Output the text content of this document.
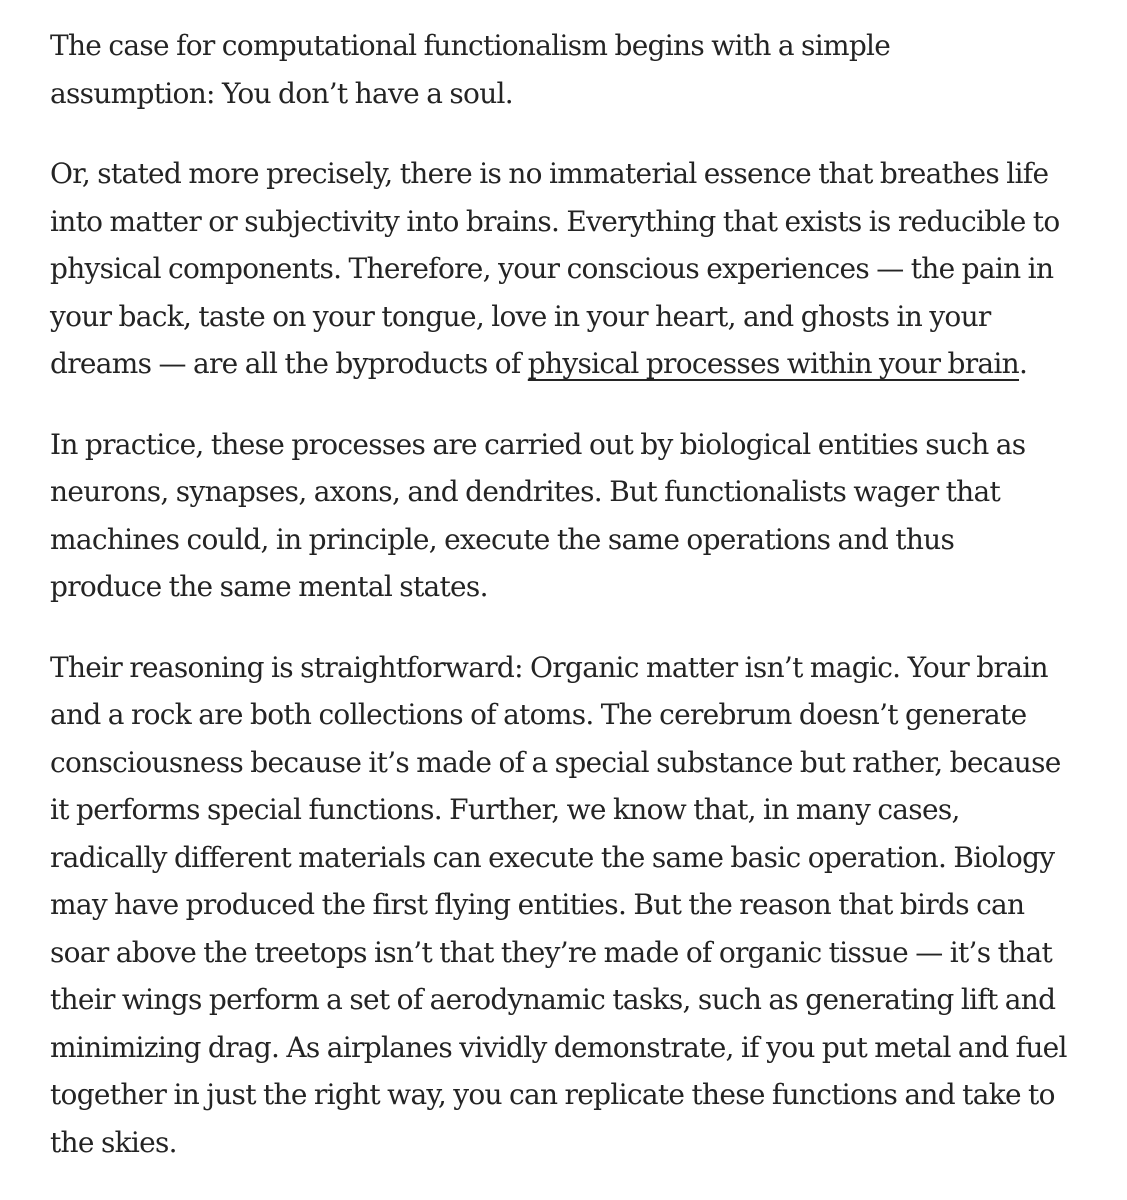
The case for computational functionalism begins with a simple assumption: You don’t have a soul.

Or, stated more precisely, there is no immaterial essence that breathes life into matter or subjectivity into brains. Everything that exists is reducible to physical components. Therefore, your conscious experiences — the pain in your back, taste on your tongue, love in your heart, and ghosts in your dreams — are all the byproducts of physical processes within your brain.

In practice, these processes are carried out by biological entities such as neurons, synapses, axons, and dendrites. But functionalists wager that machines could, in principle, execute the same operations and thus produce the same mental states.

Their reasoning is straightforward: Organic matter isn’t magic. Your brain and a rock are both collections of atoms. The cerebrum doesn’t generate consciousness because it’s made of a special substance but rather, because it performs special functions. Further, we know that, in many cases, radically different materials can execute the same basic operation. Biology may have produced the first flying entities. But the reason that birds can soar above the treetops isn’t that they’re made of organic tissue — it’s that their wings perform a set of aerodynamic tasks, such as generating lift and minimizing drag. As airplanes vividly demonstrate, if you put metal and fuel together in just the right way, you can replicate these functions and take to the skies.
